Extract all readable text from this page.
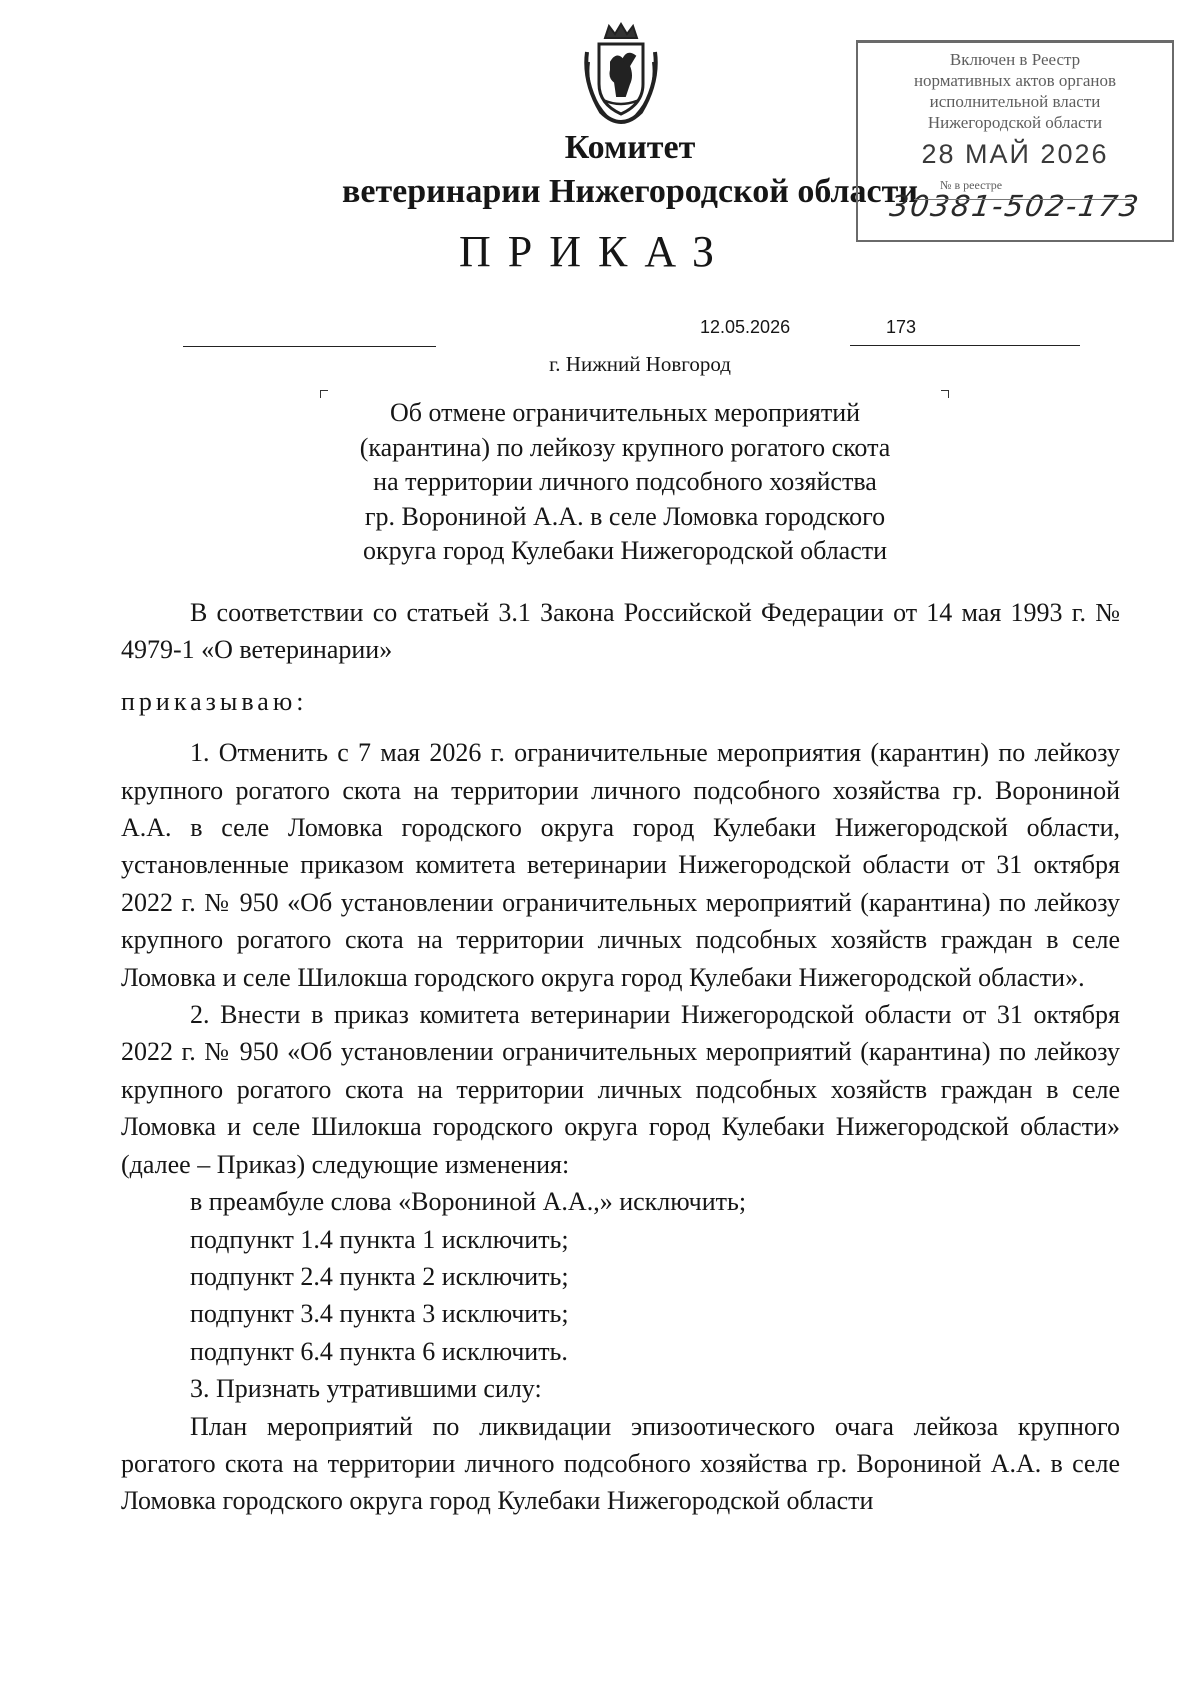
Комитет
ветеринарии Нижегородской области
ПРИКАЗ
Включен в Реестр
нормативных актов органов
исполнительной власти
Нижегородской области
28 МАЙ 2026
№ в реестре
30381-502-173
12.05.2026	173
г. Нижний Новгород
Об отмене ограничительных мероприятий
(карантина) по лейкозу крупного рогатого скота
на территории личного подсобного хозяйства
гр. Ворониной А.А. в селе Ломовка городского
округа город Кулебаки Нижегородской области

В соответствии со статьей 3.1 Закона Российской Федерации от 14 мая 1993 г. № 4979-1 «О ветеринарии»

приказываю:

1. Отменить с 7 мая 2026 г. ограничительные мероприятия (карантин) по лейкозу крупного рогатого скота на территории личного подсобного хозяйства гр. Ворониной А.А. в селе Ломовка городского округа город Кулебаки Нижегородской области, установленные приказом комитета ветеринарии Нижегородской области от 31 октября 2022 г. № 950 «Об установлении ограничительных мероприятий (карантина) по лейкозу крупного рогатого скота на территории личных подсобных хозяйств граждан в селе Ломовка и селе Шилокша городского округа город Кулебаки Нижегородской области».

2. Внести в приказ комитета ветеринарии Нижегородской области от 31 октября 2022 г. № 950 «Об установлении ограничительных мероприятий (карантина) по лейкозу крупного рогатого скота на территории личных подсобных хозяйств граждан в селе Ломовка и селе Шилокша городского округа город Кулебаки Нижегородской области» (далее – Приказ) следующие изменения:

в преамбуле слова «Ворониной А.А.,» исключить;

подпункт 1.4 пункта 1 исключить;

подпункт 2.4 пункта 2 исключить;

подпункт 3.4 пункта 3 исключить;

подпункт 6.4 пункта 6 исключить.

3. Признать утратившими силу:

План мероприятий по ликвидации эпизоотического очага лейкоза крупного рогатого скота на территории личного подсобного хозяйства гр. Ворониной А.А. в селе Ломовка городского округа город Кулебаки Нижегородской области
